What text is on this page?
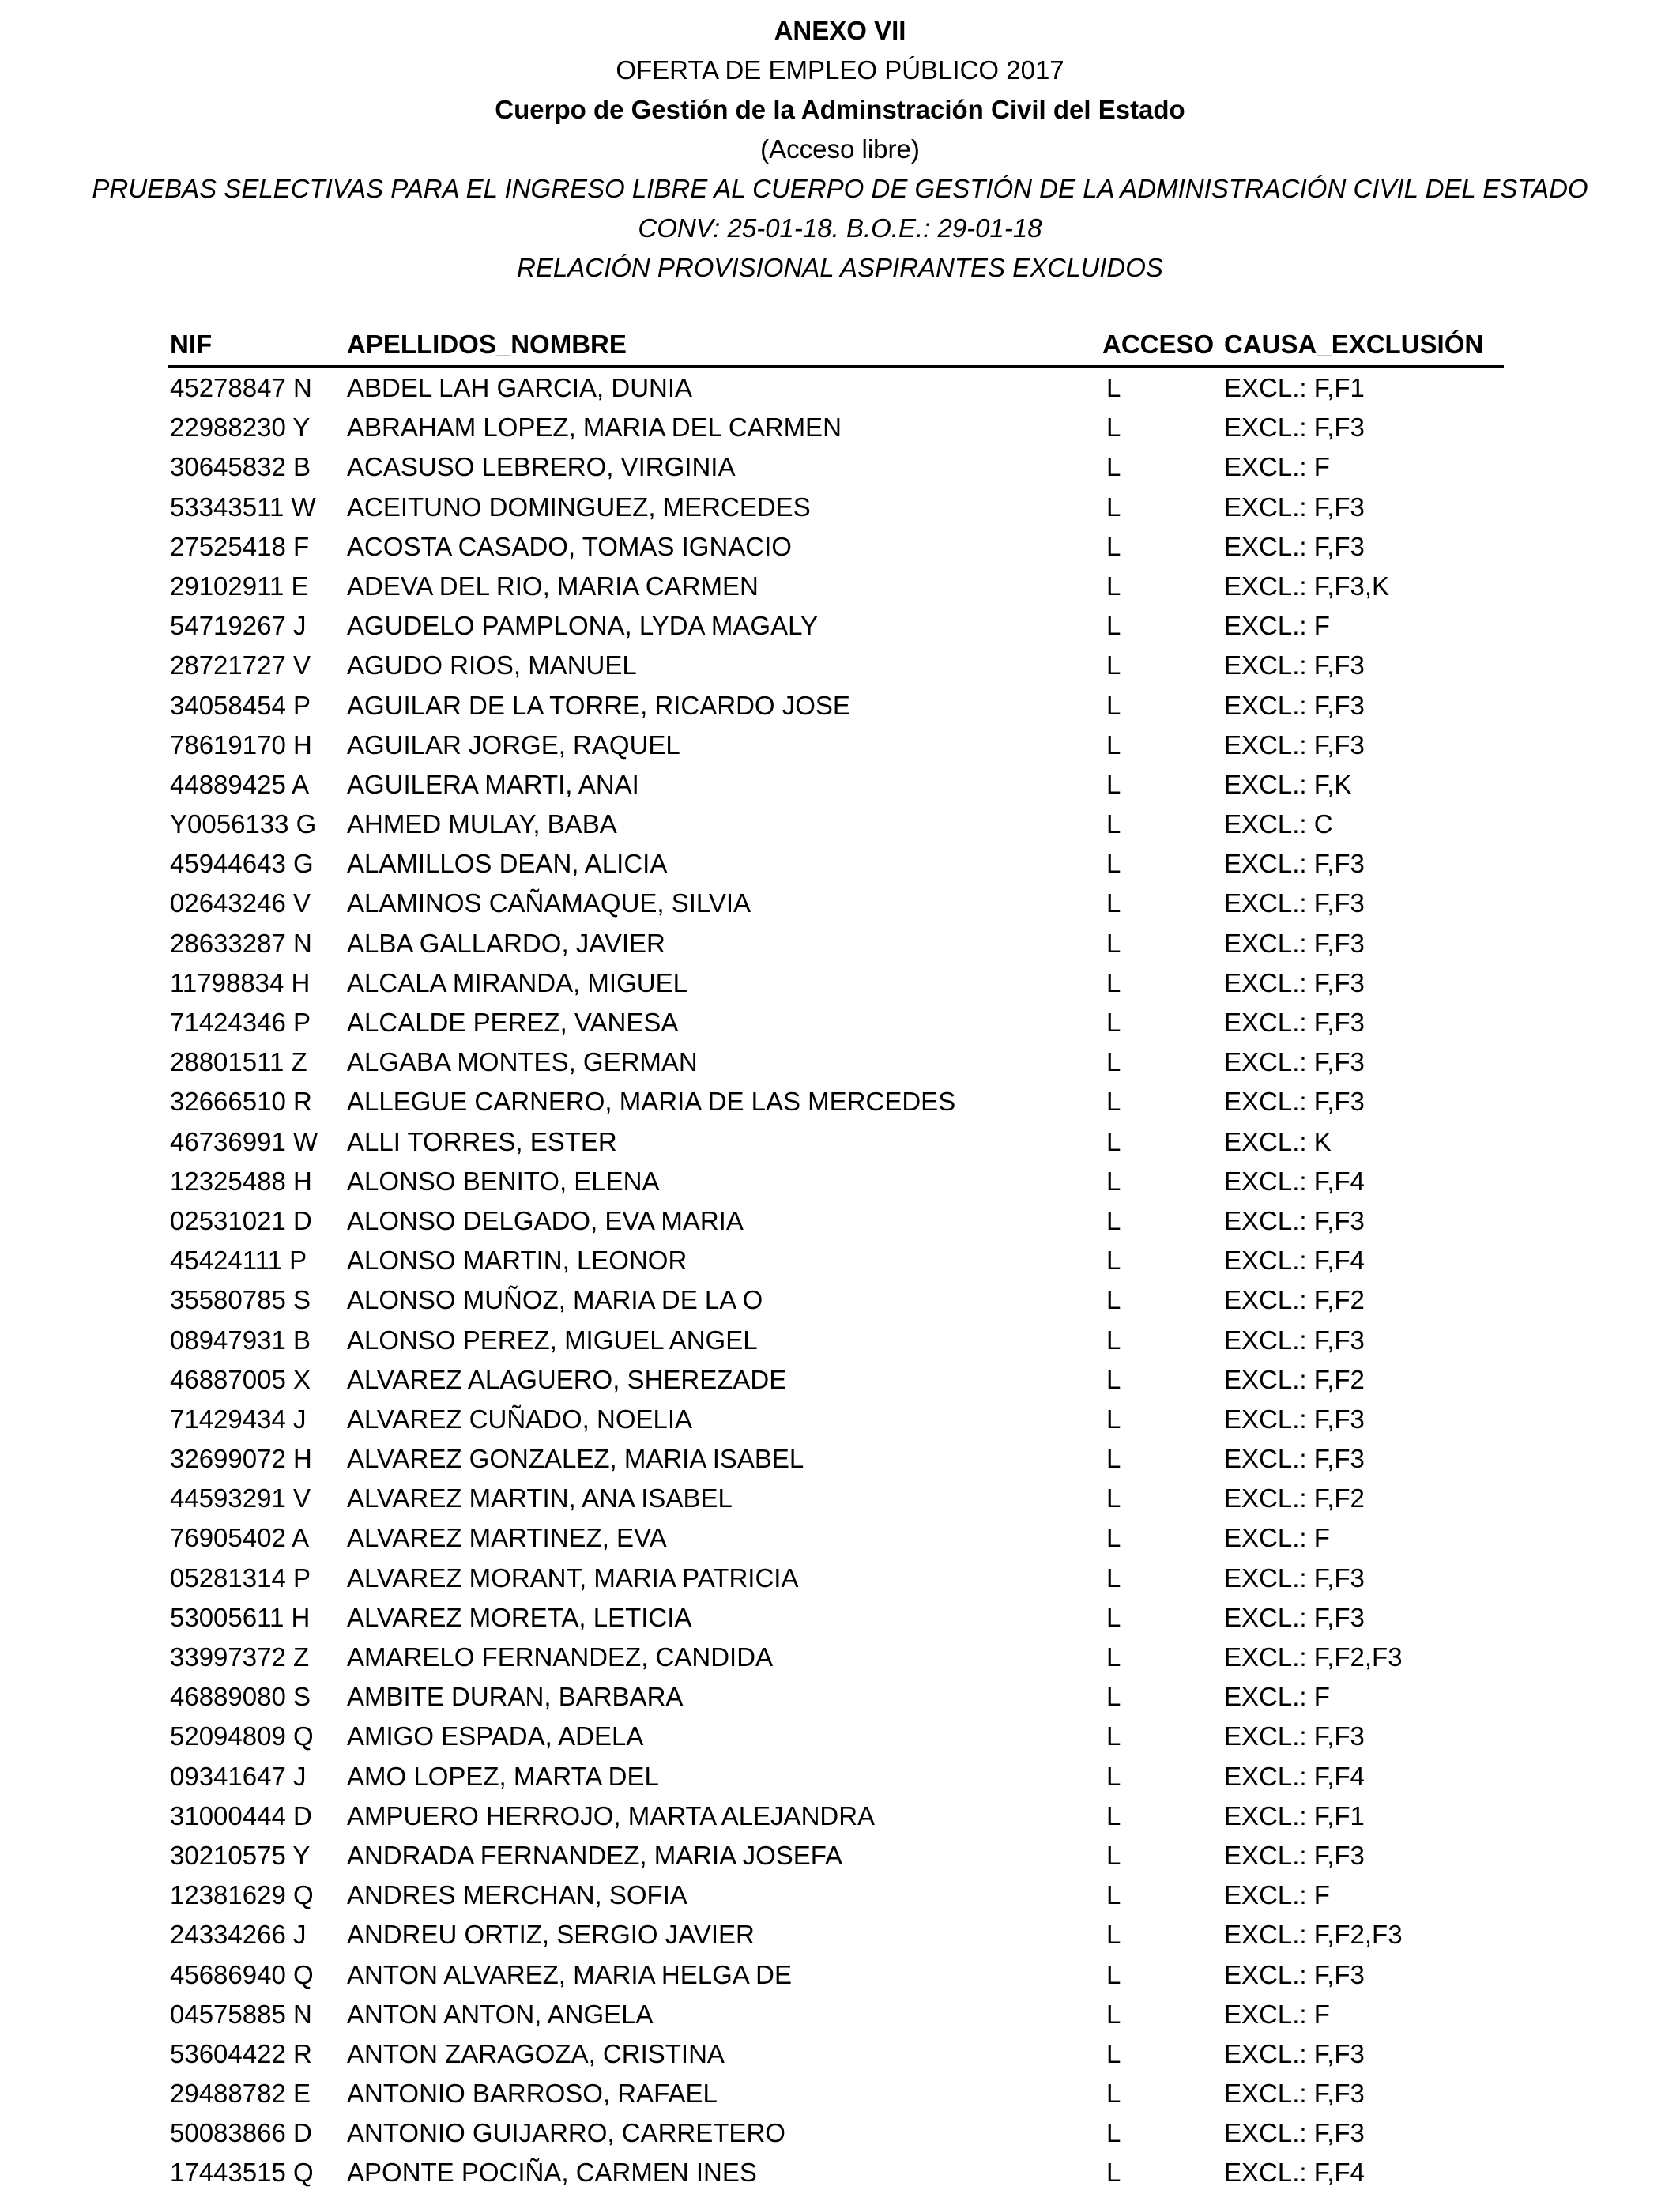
ANEXO VII
OFERTA DE EMPLEO PÚBLICO 2017
Cuerpo de Gestión de la Adminstración Civil del Estado
(Acceso libre)
PRUEBAS SELECTIVAS PARA EL INGRESO LIBRE AL CUERPO DE GESTIÓN DE LA ADMINISTRACIÓN CIVIL DEL ESTADO
CONV: 25-01-18. B.O.E.: 29-01-18
RELACIÓN PROVISIONAL ASPIRANTES EXCLUIDOS
NIF	APELLIDOS_NOMBRE	ACCESO CAUSA_EXCLUSIÓN
45278847 N ABDEL LAH GARCIA, DUNIA	L	EXCL.: F,F1
22988230 Y ABRAHAM LOPEZ, MARIA DEL CARMEN	L	EXCL.: F,F3
30645832 B ACASUSO LEBRERO, VIRGINIA	L	EXCL.: F
53343511 W ACEITUNO DOMINGUEZ, MERCEDES	L	EXCL.: F,F3
27525418 F ACOSTA CASADO, TOMAS IGNACIO	L	EXCL.: F,F3
29102911 E ADEVA DEL RIO, MARIA CARMEN	L	EXCL.: F,F3,K
54719267 J AGUDELO PAMPLONA, LYDA MAGALY	L	EXCL.: F
28721727 V AGUDO RIOS, MANUEL	L	EXCL.: F,F3
34058454 P AGUILAR DE LA TORRE, RICARDO JOSE	L	EXCL.: F,F3
78619170 H AGUILAR JORGE, RAQUEL	L	EXCL.: F,F3
44889425 A AGUILERA MARTI, ANAI	L	EXCL.: F,K
Y0056133 G AHMED MULAY, BABA	L	EXCL.: C
45944643 G ALAMILLOS DEAN, ALICIA	L	EXCL.: F,F3
02643246 V ALAMINOS CAÑAMAQUE, SILVIA	L	EXCL.: F,F3
28633287 N ALBA GALLARDO, JAVIER	L	EXCL.: F,F3
11798834 H ALCALA MIRANDA, MIGUEL	L	EXCL.: F,F3
71424346 P ALCALDE PEREZ, VANESA	L	EXCL.: F,F3
28801511 Z ALGABA MONTES, GERMAN	L	EXCL.: F,F3
32666510 R ALLEGUE CARNERO, MARIA DE LAS MERCEDES	L	EXCL.: F,F3
46736991 W ALLI TORRES, ESTER	L	EXCL.: K
12325488 H ALONSO BENITO, ELENA	L	EXCL.: F,F4
02531021 D ALONSO DELGADO, EVA MARIA	L	EXCL.: F,F3
45424111 P ALONSO MARTIN, LEONOR	L	EXCL.: F,F4
35580785 S ALONSO MUÑOZ, MARIA DE LA O	L	EXCL.: F,F2
08947931 B ALONSO PEREZ, MIGUEL ANGEL	L	EXCL.: F,F3
46887005 X ALVAREZ ALAGUERO, SHEREZADE	L	EXCL.: F,F2
71429434 J ALVAREZ CUÑADO, NOELIA	L	EXCL.: F,F3
32699072 H ALVAREZ GONZALEZ, MARIA ISABEL	L	EXCL.: F,F3
44593291 V ALVAREZ MARTIN, ANA ISABEL	L	EXCL.: F,F2
76905402 A ALVAREZ MARTINEZ, EVA	L	EXCL.: F
05281314 P ALVAREZ MORANT, MARIA PATRICIA	L	EXCL.: F,F3
53005611 H ALVAREZ MORETA, LETICIA	L	EXCL.: F,F3
33997372 Z AMARELO FERNANDEZ, CANDIDA	L	EXCL.: F,F2,F3
46889080 S AMBITE DURAN, BARBARA	L	EXCL.: F
52094809 Q AMIGO ESPADA, ADELA	L	EXCL.: F,F3
09341647 J AMO LOPEZ, MARTA DEL	L	EXCL.: F,F4
31000444 D AMPUERO HERROJO, MARTA ALEJANDRA	L	EXCL.: F,F1
30210575 Y ANDRADA FERNANDEZ, MARIA JOSEFA	L	EXCL.: F,F3
12381629 Q ANDRES MERCHAN, SOFIA	L	EXCL.: F
24334266 J ANDREU ORTIZ, SERGIO JAVIER	L	EXCL.: F,F2,F3
45686940 Q ANTON ALVAREZ, MARIA HELGA DE	L	EXCL.: F,F3
04575885 N ANTON ANTON, ANGELA	L	EXCL.: F
53604422 R ANTON ZARAGOZA, CRISTINA	L	EXCL.: F,F3
29488782 E ANTONIO BARROSO, RAFAEL	L	EXCL.: F,F3
50083866 D ANTONIO GUIJARRO, CARRETERO	L	EXCL.: F,F3
17443515 Q APONTE POCIÑA, CARMEN INES	L	EXCL.: F,F4
